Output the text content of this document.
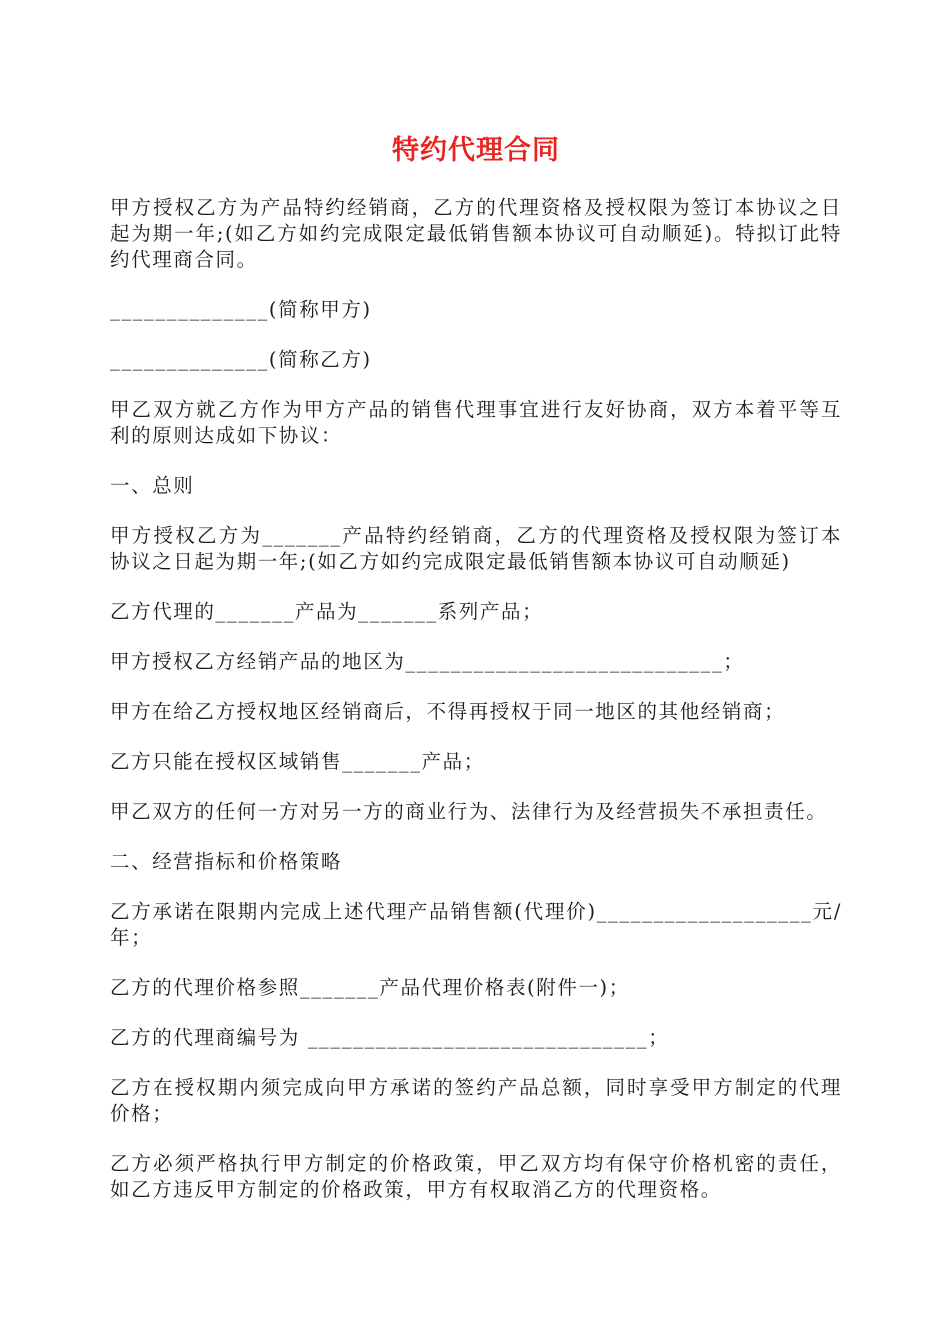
特约代理合同

甲方授权乙方为产品特约经销商，乙方的代理资格及授权限为签订本协议之日起为期一年;(如乙方如约完成限定最低销售额本协议可自动顺延)。特拟订此特约代理商合同。

______________(简称甲方)

______________(简称乙方)

甲乙双方就乙方作为甲方产品的销售代理事宜进行友好协商，双方本着平等互利的原则达成如下协议：

一、总则

甲方授权乙方为_______产品特约经销商，乙方的代理资格及授权限为签订本协议之日起为期一年;(如乙方如约完成限定最低销售额本协议可自动顺延)

乙方代理的_______产品为_______系列产品；

甲方授权乙方经销产品的地区为____________________________；

甲方在给乙方授权地区经销商后，不得再授权于同一地区的其他经销商；

乙方只能在授权区域销售_______产品；

甲乙双方的任何一方对另一方的商业行为、法律行为及经营损失不承担责任。

二、经营指标和价格策略

乙方承诺在限期内完成上述代理产品销售额(代理价)___________________元/年；

乙方的代理价格参照_______产品代理价格表(附件一)；

乙方的代理商编号为 ______________________________；

乙方在授权期内须完成向甲方承诺的签约产品总额，同时享受甲方制定的代理价格；

乙方必须严格执行甲方制定的价格政策，甲乙双方均有保守价格机密的责任， 如乙方违反甲方制定的价格政策，甲方有权取消乙方的代理资格。
